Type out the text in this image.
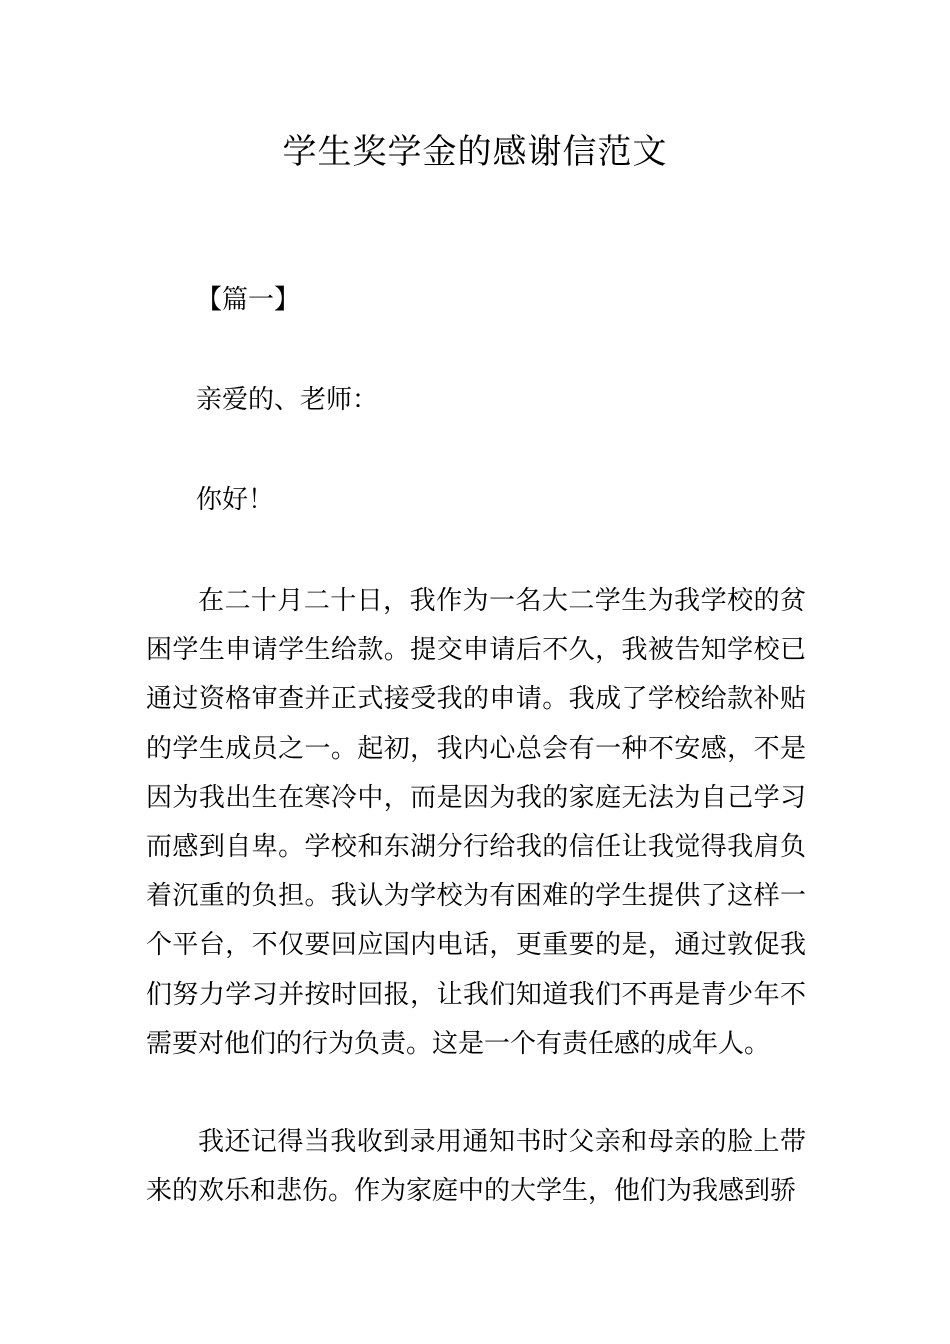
学生奖学金的感谢信范文
【篇一】
亲爱的、老师：
你好！

在二十月二十日，我作为一名大二学生为我学校的贫困学生申请学生给款。提交申请后不久，我被告知学校已通过资格审查并正式接受我的申请。我成了学校给款补贴的学生成员之一。起初，我内心总会有一种不安感，不是因为我出生在寒冷中，而是因为我的家庭无法为自己学习而感到自卑。学校和东湖分行给我的信任让我觉得我肩负着沉重的负担。我认为学校为有困难的学生提供了这样一个平台，不仅要回应国内电话，更重要的是，通过敦促我们努力学习并按时回报，让我们知道我们不再是青少年不需要对他们的行为负责。这是一个有责任感的成年人。

我还记得当我收到录用通知书时父亲和母亲的脸上带来的欢乐和悲伤。作为家庭中的大学生，他们为我感到骄
